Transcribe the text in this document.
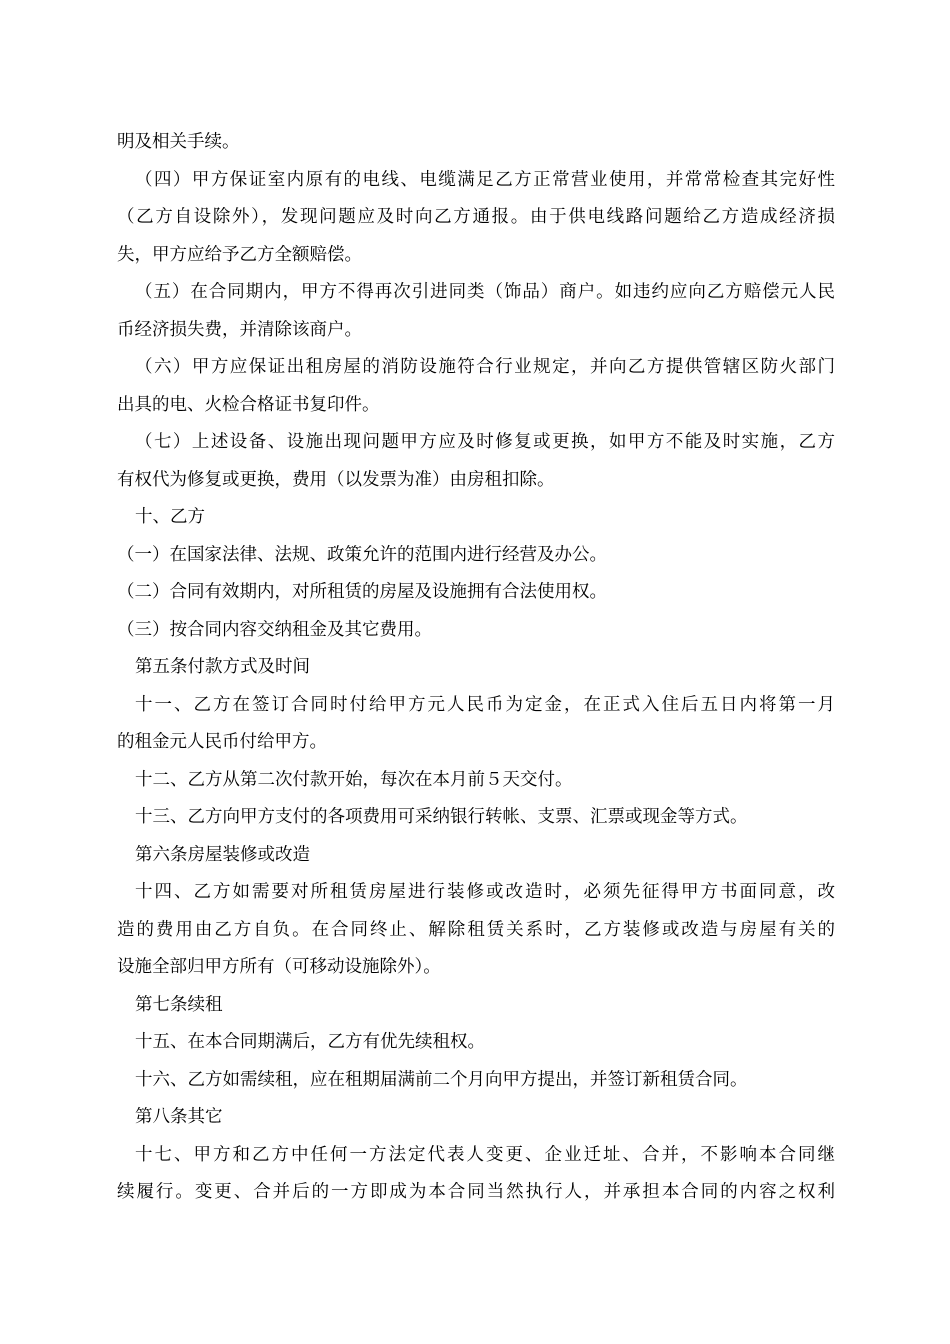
明及相关手续。
（四）甲方保证室内原有的电线、电缆满足乙方正常营业使用，并常常检查其完好性
（乙方自设除外），发现问题应及时向乙方通报。由于供电线路问题给乙方造成经济损
失，甲方应给予乙方全额赔偿。
（五）在合同期内，甲方不得再次引进同类（饰品）商户。如违约应向乙方赔偿元人民
币经济损失费，并清除该商户。
（六）甲方应保证出租房屋的消防设施符合行业规定，并向乙方提供管辖区防火部门
出具的电、火检合格证书复印件。
（七）上述设备、设施出现问题甲方应及时修复或更换，如甲方不能及时实施，乙方
有权代为修复或更换，费用（以发票为准）由房租扣除。
十、乙方
（一）在国家法律、法规、政策允许的范围内进行经营及办公。
（二）合同有效期内，对所租赁的房屋及设施拥有合法使用权。
（三）按合同内容交纳租金及其它费用。
第五条付款方式及时间
十一、乙方在签订合同时付给甲方元人民币为定金，在正式入住后五日内将第一月
的租金元人民币付给甲方。
十二、乙方从第二次付款开始，每次在本月前５天交付。
十三、乙方向甲方支付的各项费用可采纳银行转帐、支票、汇票或现金等方式。
第六条房屋装修或改造
十四、乙方如需要对所租赁房屋进行装修或改造时，必须先征得甲方书面同意，改
造的费用由乙方自负。在合同终止、解除租赁关系时，乙方装修或改造与房屋有关的
设施全部归甲方所有（可移动设施除外）。
第七条续租
十五、在本合同期满后，乙方有优先续租权。
十六、乙方如需续租，应在租期届满前二个月向甲方提出，并签订新租赁合同。
第八条其它
十七、甲方和乙方中任何一方法定代表人变更、企业迁址、合并，不影响本合同继
续履行。变更、合并后的一方即成为本合同当然执行人，并承担本合同的内容之权利
